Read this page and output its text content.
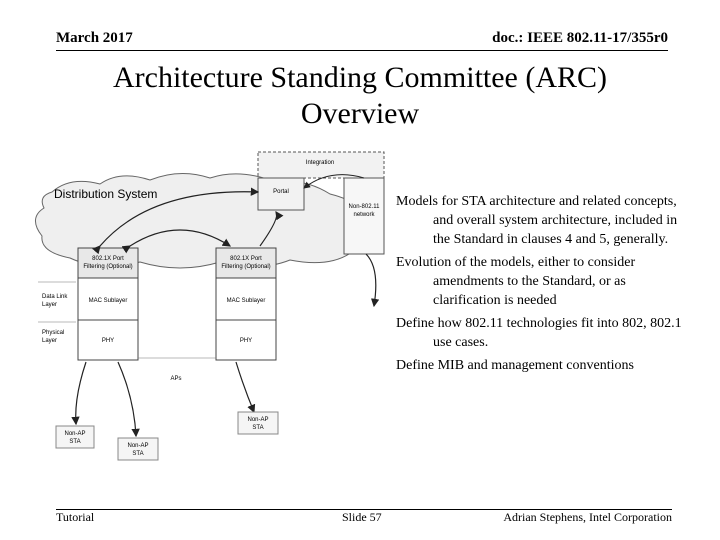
March 2017	doc.: IEEE 802.11-17/355r0
Architecture Standing Committee (ARC)
Overview
Integration
Distribution System	Portal
Non-802.11
network
802.1X Port
Filtering (Optional)
MAC Sublayer
PHY
802.1X Port
Filtering (Optional)
MAC Sublayer
PHY
Data Link
Layer
Physical
Layer
APs
Non-AP
STA
Non-AP
STA
Non-AP
STA
Models for STA architecture and related concepts, and overall system architecture, included in the Standard in clauses 4 and 5, generally.
Evolution of the models, either to consider amendments to the Standard, or as clarification is needed
Define how 802.11 technologies fit into 802, 802.1 use cases.
Define MIB and management conventions
Tutorial	Slide 57	Adrian Stephens, Intel Corporation
